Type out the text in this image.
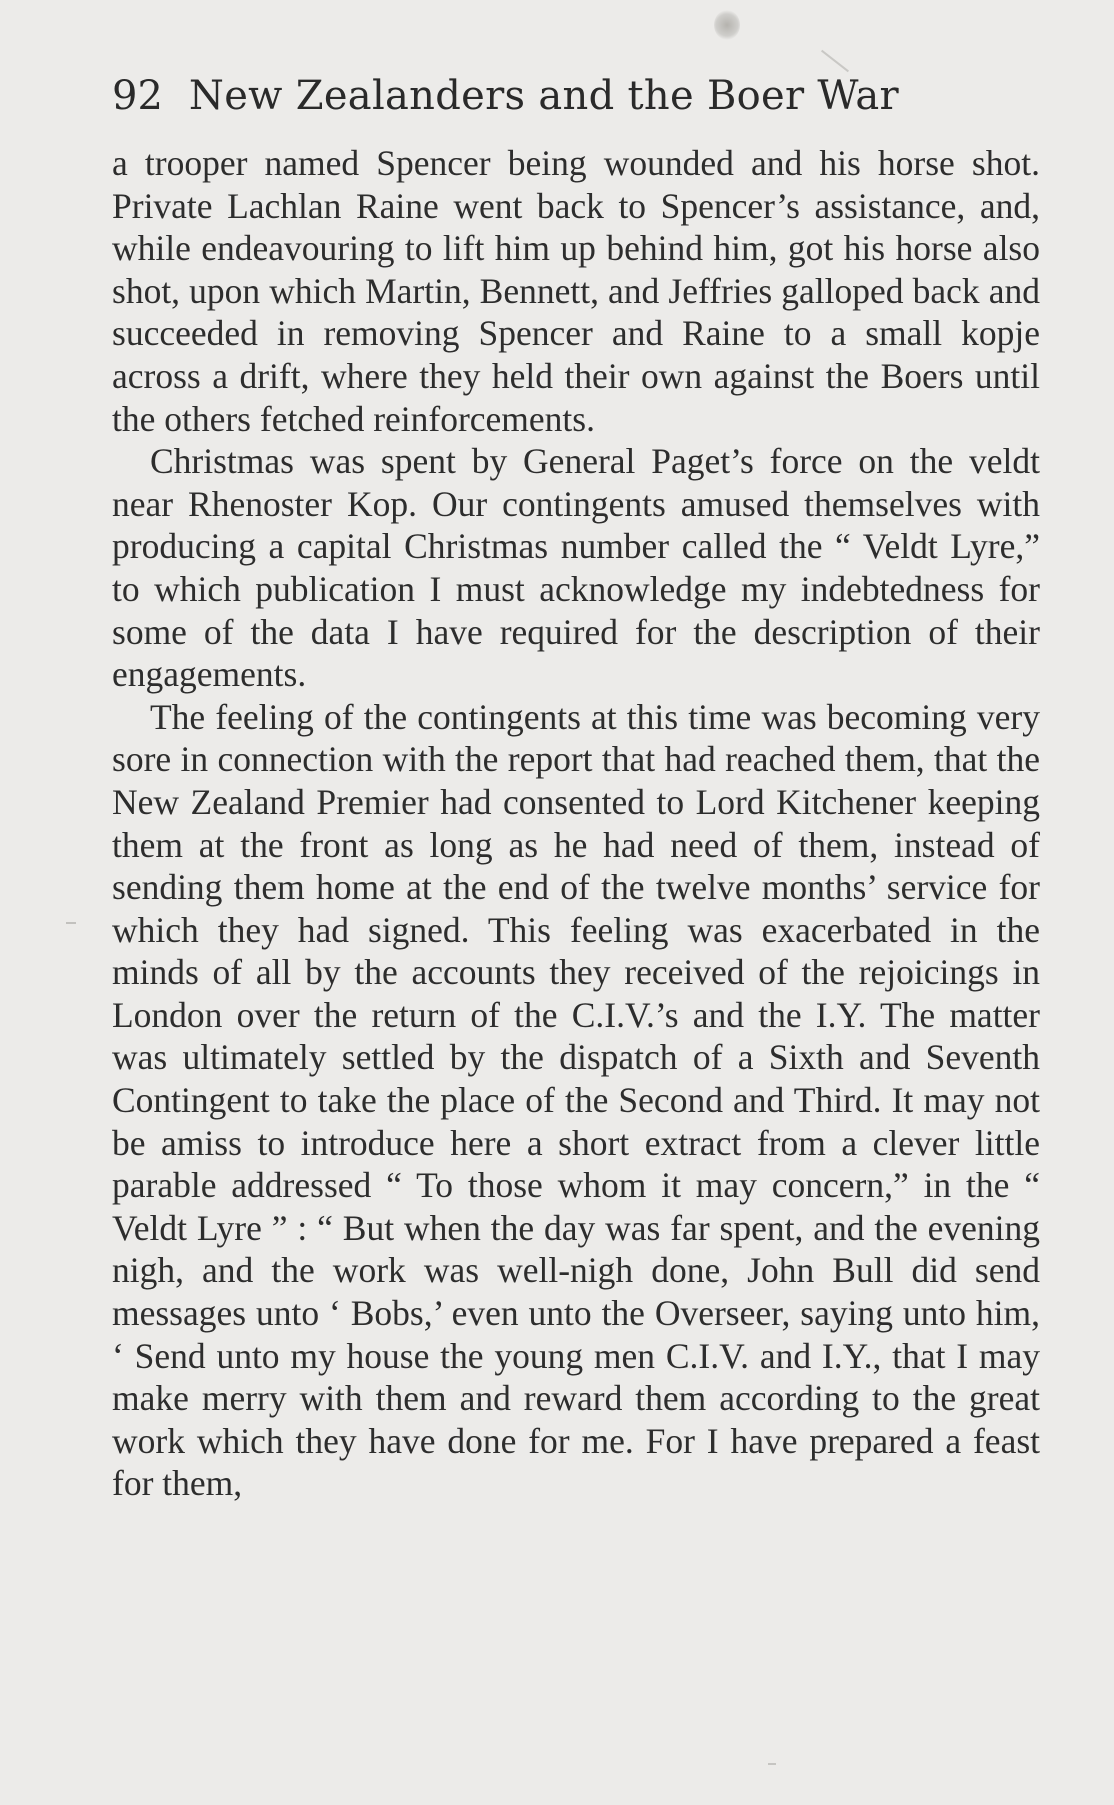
92 New Zealanders and the Boer War

a trooper named Spencer being wounded and his horse shot. Private Lachlan Raine went back to Spencer’s assistance, and, while endeavouring to lift him up behind him, got his horse also shot, upon which Martin, Bennett, and Jeffries galloped back and succeeded in removing Spencer and Raine to a small kopje across a drift, where they held their own against the Boers until the others fetched reinforcements.

Christmas was spent by General Paget’s force on the veldt near Rhenoster Kop. Our contingents amused themselves with producing a capital Christmas number called the “ Veldt Lyre,” to which publication I must acknowledge my indebtedness for some of the data I have required for the description of their engagements.

The feeling of the contingents at this time was becoming very sore in connection with the report that had reached them, that the New Zealand Premier had consented to Lord Kitchener keeping them at the front as long as he had need of them, instead of sending them home at the end of the twelve months’ service for which they had signed. This feeling was exacerbated in the minds of all by the accounts they received of the rejoicings in London over the return of the C.I.V.’s and the I.Y. The matter was ultimately settled by the dispatch of a Sixth and Seventh Contingent to take the place of the Second and Third. It may not be amiss to introduce here a short extract from a clever little parable addressed “ To those whom it may concern,” in the “ Veldt Lyre ” : “ But when the day was far spent, and the evening nigh, and the work was well-nigh done, John Bull did send messages unto ‘ Bobs,’ even unto the Overseer, saying unto him, ‘ Send unto my house the young men C.I.V. and I.Y., that I may make merry with them and reward them according to the great work which they have done for me. For I have prepared a feast for them,
